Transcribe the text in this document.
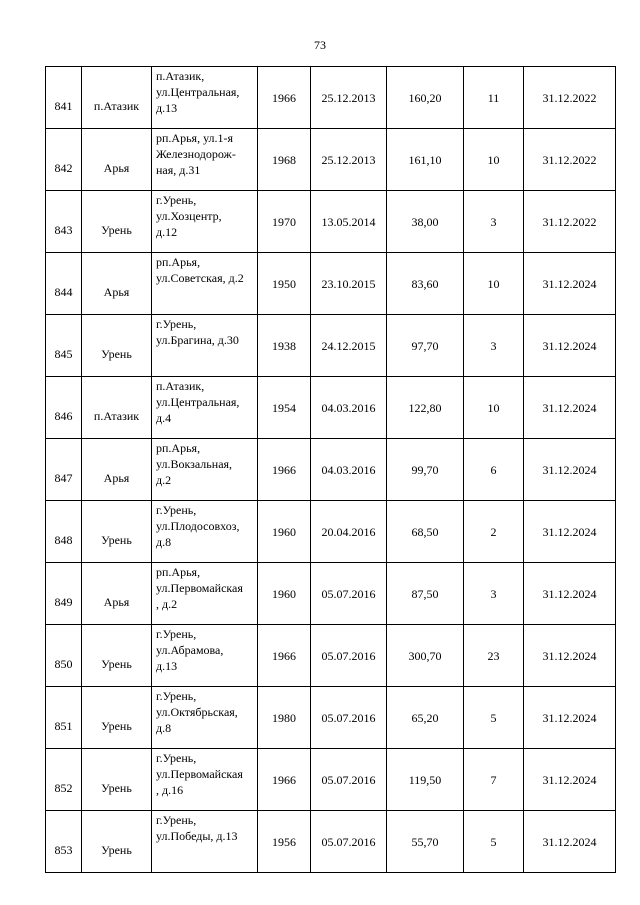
73
841	п.Атазик	п.Атазик,
ул.Центральная,
д.13	1966	25.12.2013	160,20	11	31.12.2022
842	Арья	рп.Арья, ул.1-я
Железнодорож-
ная, д.31	1968	25.12.2013	161,10	10	31.12.2022
843	Урень	г.Урень,
ул.Хозцентр,
д.12	1970	13.05.2014	38,00	3	31.12.2022
844	Арья	рп.Арья,
ул.Советская, д.2	1950	23.10.2015	83,60	10	31.12.2024
845	Урень	г.Урень,
ул.Брагина, д.30	1938	24.12.2015	97,70	3	31.12.2024
846	п.Атазик	п.Атазик,
ул.Центральная,
д.4	1954	04.03.2016	122,80	10	31.12.2024
847	Арья	рп.Арья,
ул.Вокзальная,
д.2	1966	04.03.2016	99,70	6	31.12.2024
848	Урень	г.Урень,
ул.Плодосовхоз,
д.8	1960	20.04.2016	68,50	2	31.12.2024
849	Арья	рп.Арья,
ул.Первомайская
, д.2	1960	05.07.2016	87,50	3	31.12.2024
850	Урень	г.Урень,
ул.Абрамова,
д.13	1966	05.07.2016	300,70	23	31.12.2024
851	Урень	г.Урень,
ул.Октябрьская,
д.8	1980	05.07.2016	65,20	5	31.12.2024
852	Урень	г.Урень,
ул.Первомайская
, д.16	1966	05.07.2016	119,50	7	31.12.2024
853	Урень	г.Урень,
ул.Победы, д.13	1956	05.07.2016	55,70	5	31.12.2024
